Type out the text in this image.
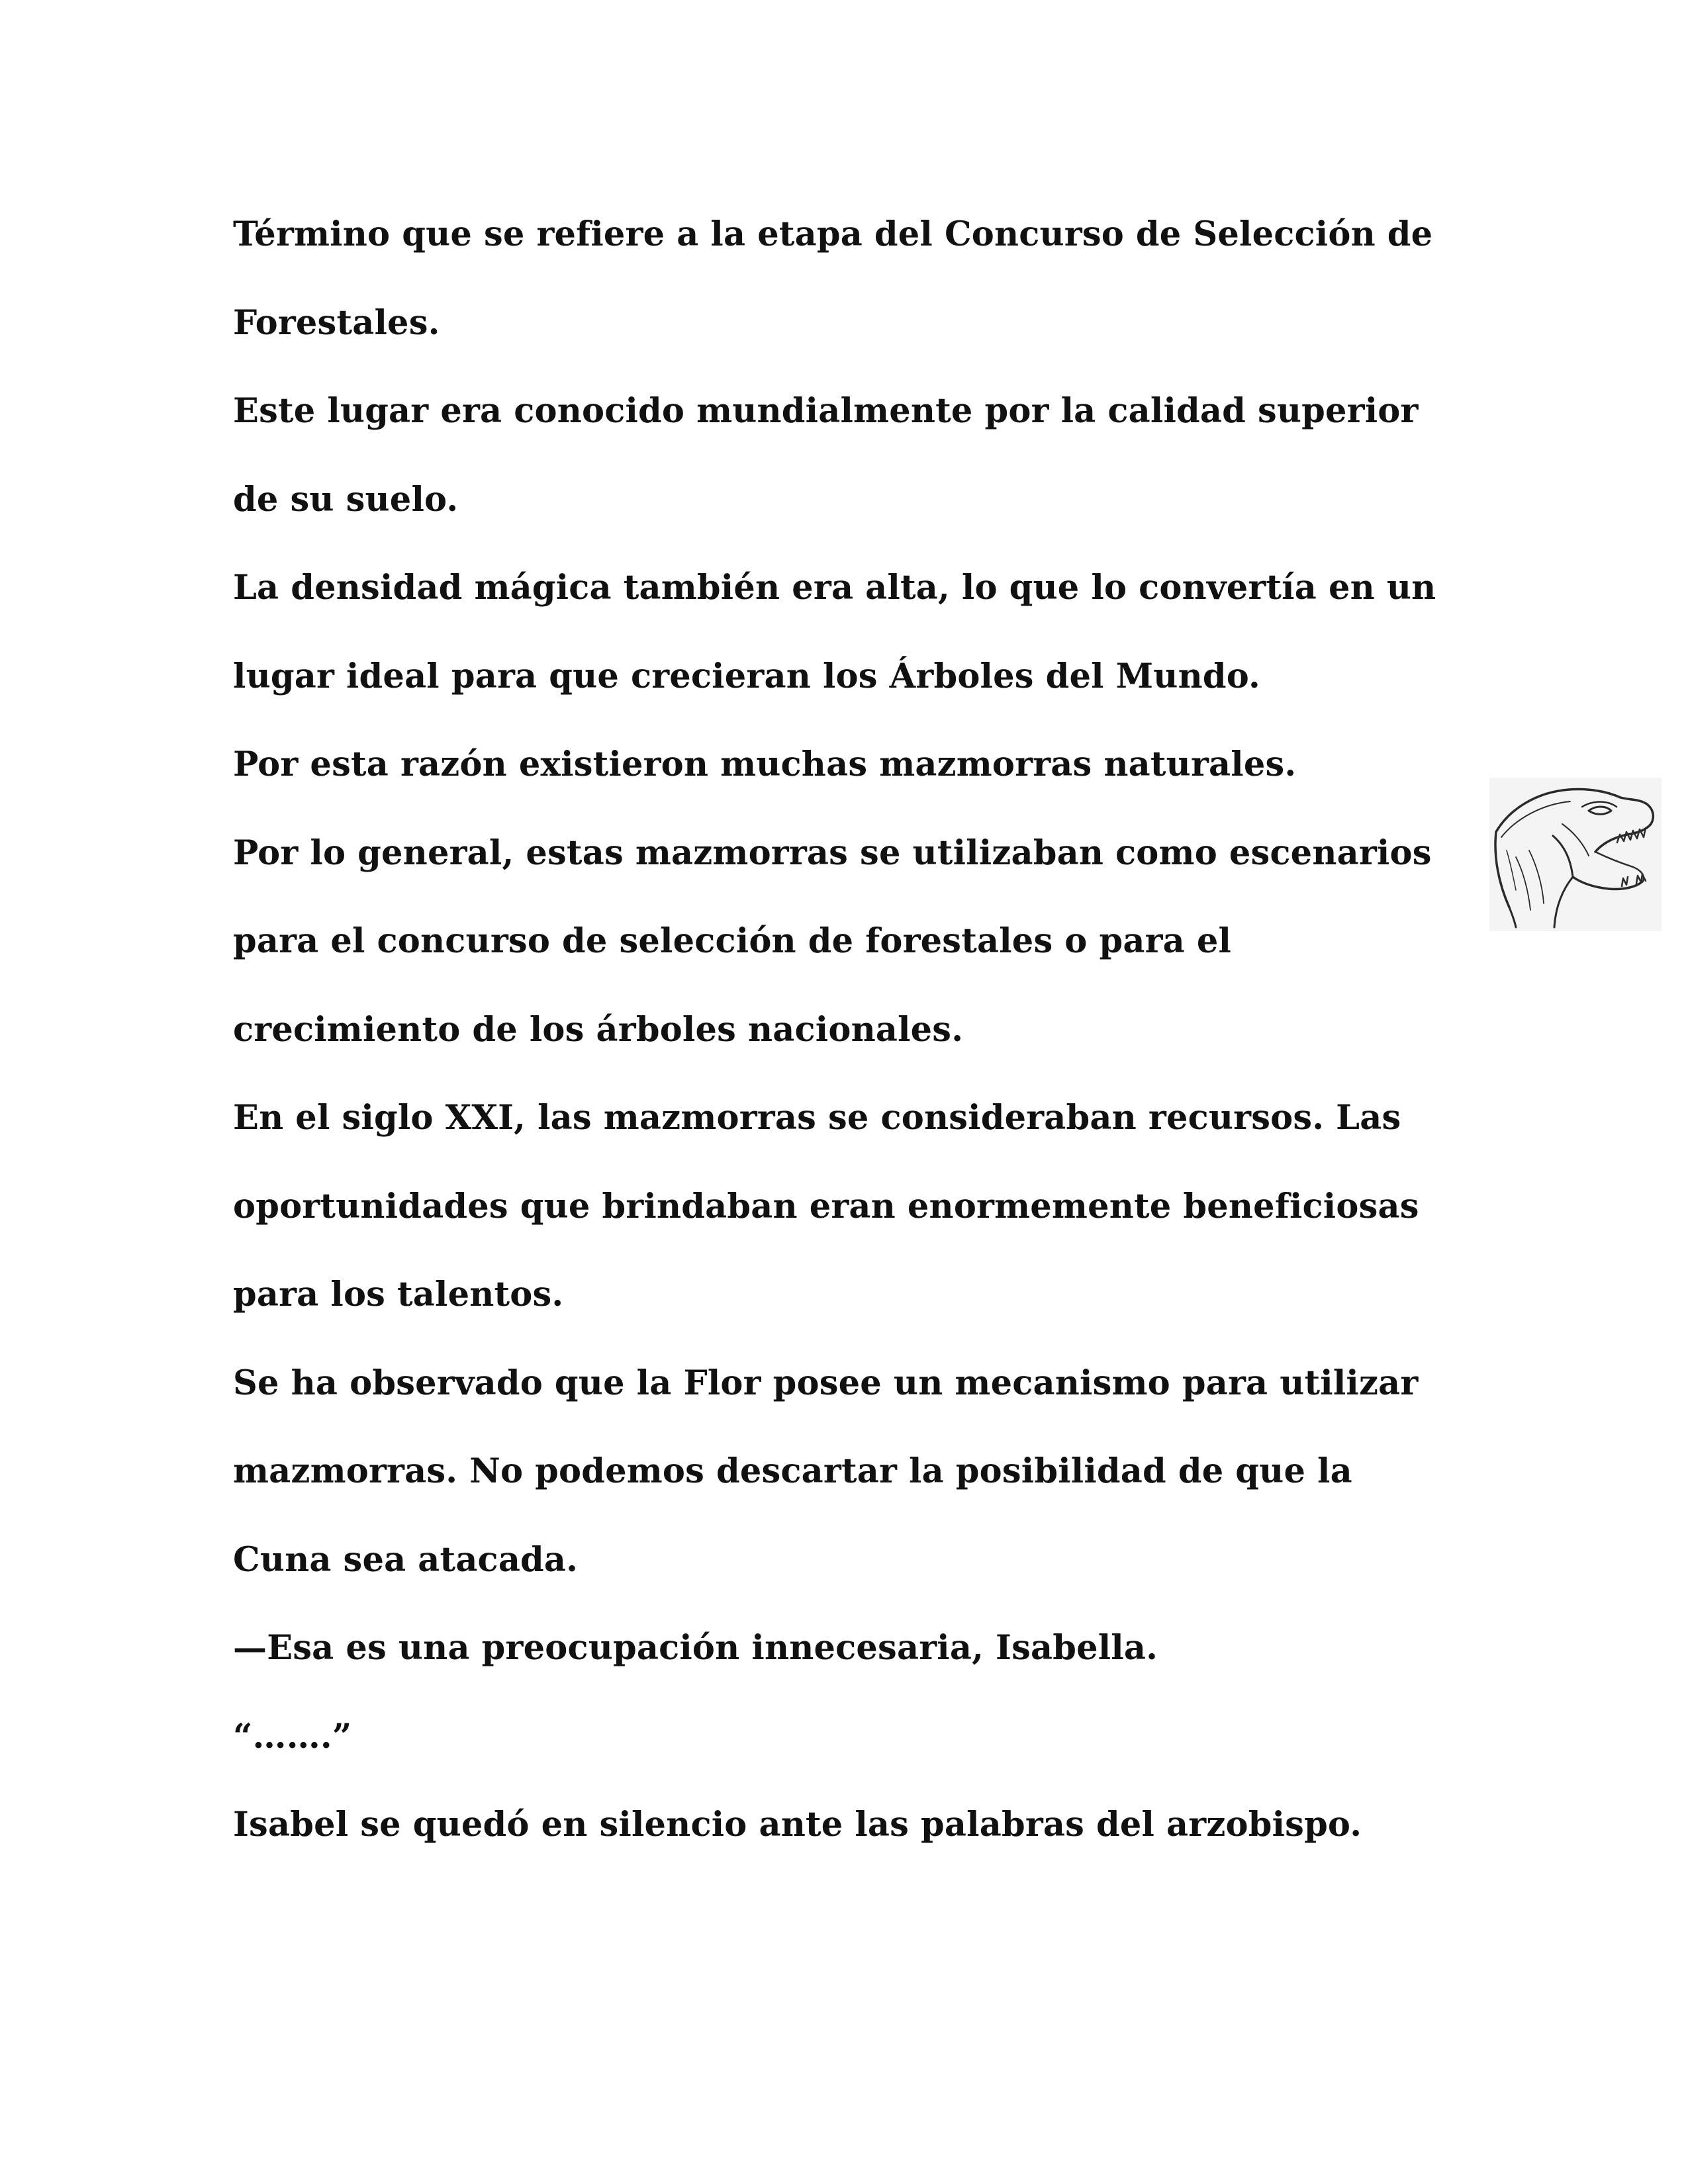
Término que se refiere a la etapa del Concurso de Selección de
Forestales.
Este lugar era conocido mundialmente por la calidad superior
de su suelo.
La densidad mágica también era alta, lo que lo convertía en un
lugar ideal para que crecieran los Árboles del Mundo.
Por esta razón existieron muchas mazmorras naturales.
Por lo general, estas mazmorras se utilizaban como escenarios
para el concurso de selección de forestales o para el
crecimiento de los árboles nacionales.
En el siglo XXI, las mazmorras se consideraban recursos. Las
oportunidades que brindaban eran enormemente beneficiosas
para los talentos.
Se ha observado que la Flor posee un mecanismo para utilizar
mazmorras. No podemos descartar la posibilidad de que la
Cuna sea atacada.
—Esa es una preocupación innecesaria, Isabella.
“…….”
Isabel se quedó en silencio ante las palabras del arzobispo.
